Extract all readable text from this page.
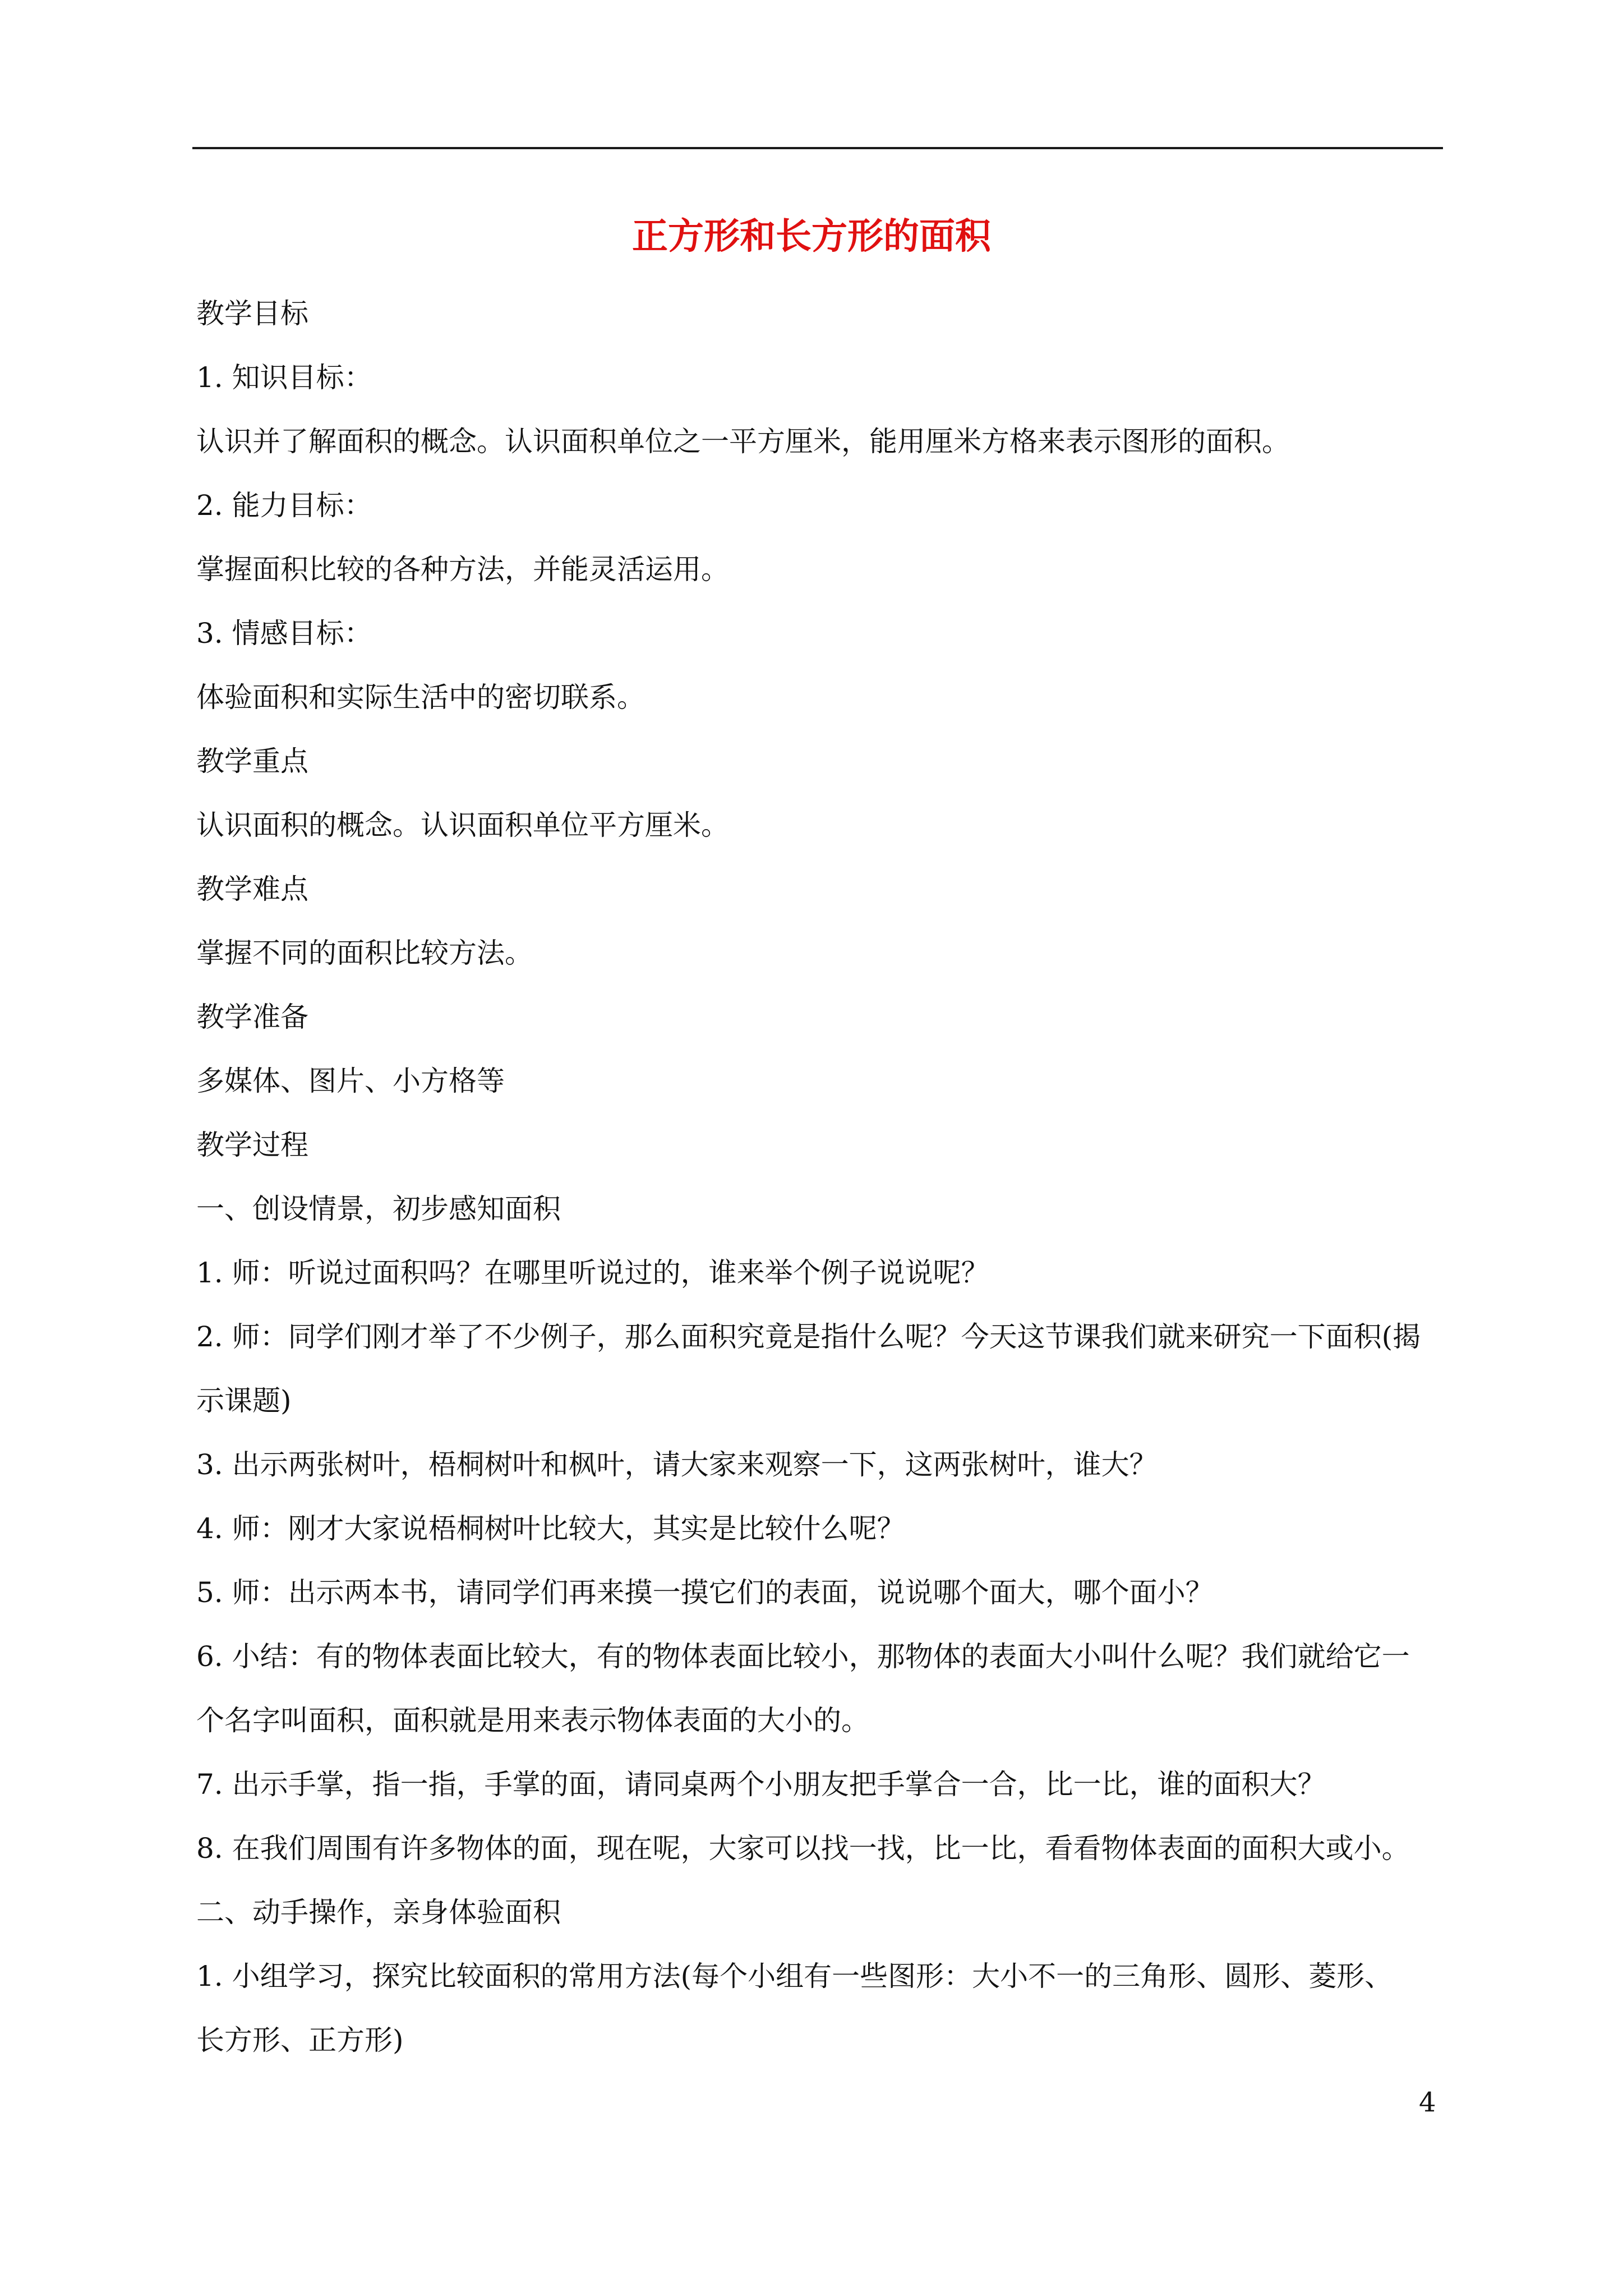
正方形和长方形的面积

教学目标

1. 知识目标：

认识并了解面积的概念。认识面积单位之一平方厘米，能用厘米方格来表示图形的面积。

2. 能力目标：

掌握面积比较的各种方法，并能灵活运用。

3. 情感目标：

体验面积和实际生活中的密切联系。

教学重点

认识面积的概念。认识面积单位平方厘米。

教学难点

掌握不同的面积比较方法。

教学准备

多媒体、图片、小方格等

教学过程

一、创设情景，初步感知面积

1. 师：听说过面积吗？在哪里听说过的，谁来举个例子说说呢？

2. 师：同学们刚才举了不少例子，那么面积究竟是指什么呢？今天这节课我们就来研究一下面积(揭

示课题)

3. 出示两张树叶，梧桐树叶和枫叶，请大家来观察一下，这两张树叶，谁大？

4. 师：刚才大家说梧桐树叶比较大，其实是比较什么呢？

5. 师：出示两本书，请同学们再来摸一摸它们的表面，说说哪个面大，哪个面小？

6. 小结：有的物体表面比较大，有的物体表面比较小，那物体的表面大小叫什么呢？我们就给它一

个名字叫面积，面积就是用来表示物体表面的大小的。

7. 出示手掌，指一指，手掌的面，请同桌两个小朋友把手掌合一合，比一比，谁的面积大？

8. 在我们周围有许多物体的面，现在呢，大家可以找一找，比一比，看看物体表面的面积大或小。

二、动手操作，亲身体验面积

1. 小组学习，探究比较面积的常用方法(每个小组有一些图形：大小不一的三角形、圆形、菱形、

长方形、正方形)

4
